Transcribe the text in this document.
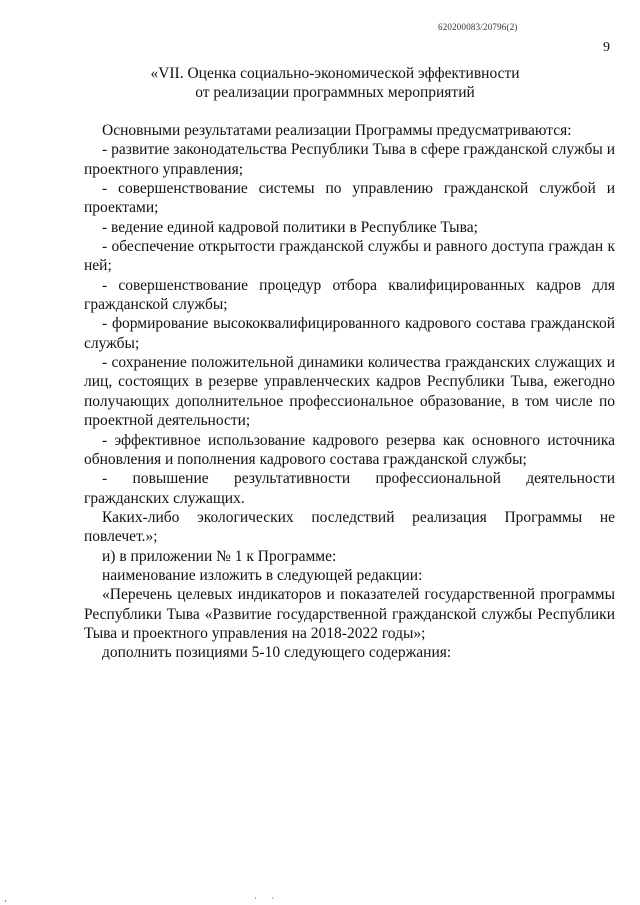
620200083/20796(2)
9
«VII. Оценка социально-экономической эффективности
от реализации программных мероприятий

Основными результатами реализации Программы предусматриваются:

- развитие законодательства Республики Тыва в сфере гражданской службы и проектного управления;

- совершенствование системы по управлению гражданской службой и проектами;

- ведение единой кадровой политики в Республике Тыва;

- обеспечение открытости гражданской службы и равного доступа граждан к ней;

- совершенствование процедур отбора квалифицированных кадров для гражданской службы;

- формирование высококвалифицированного кадрового состава гражданской службы;

- сохранение положительной динамики количества гражданских служащих и лиц, состоящих в резерве управленческих кадров Республики Тыва, ежегодно получающих дополнительное профессиональное образование, в том числе по проектной деятельности;

- эффективное использование кадрового резерва как основного источника обновления и пополнения кадрового состава гражданской службы;

- повышение результативности профессиональной деятельности гражданских служащих.

Каких-либо экологических последствий реализация Программы не повлечет.»;

и) в приложении № 1 к Программе:

наименование изложить в следующей редакции:

«Перечень целевых индикаторов и показателей государственной программы Республики Тыва «Развитие государственной гражданской службы Республики Тыва и проектного управления на 2018-2022 годы»;

дополнить позициями 5-10 следующего содержания:

‚	· ·
